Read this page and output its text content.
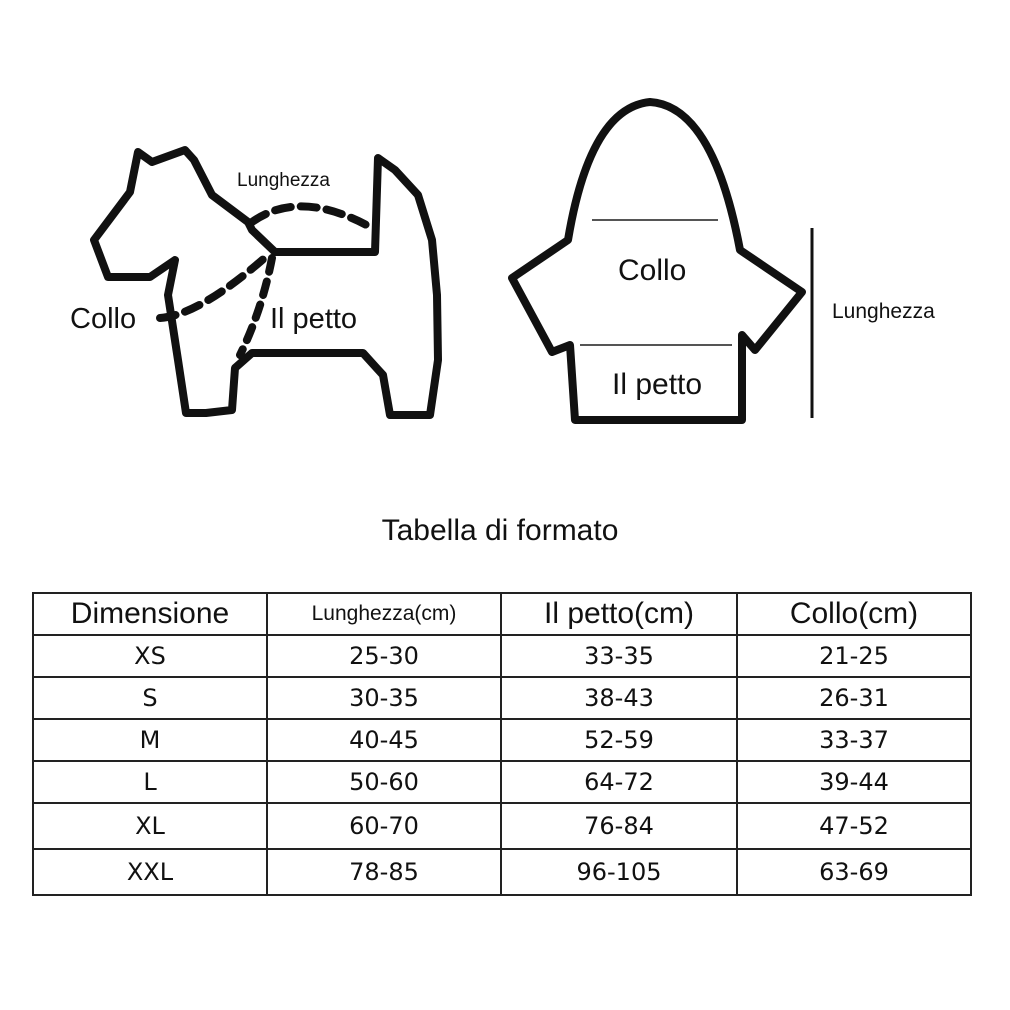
Lunghezza
Collo	Il petto
Collo
Il petto
Lunghezza
Tabella di formato
Dimensione	Lunghezza(cm)	Il petto(cm)	Collo(cm)
XS	25-30	33-35	21-25
S	30-35	38-43	26-31
M	40-45	52-59	33-37
L	50-60	64-72	39-44
XL	60-70	76-84	47-52
XXL	78-85	96-105	63-69
